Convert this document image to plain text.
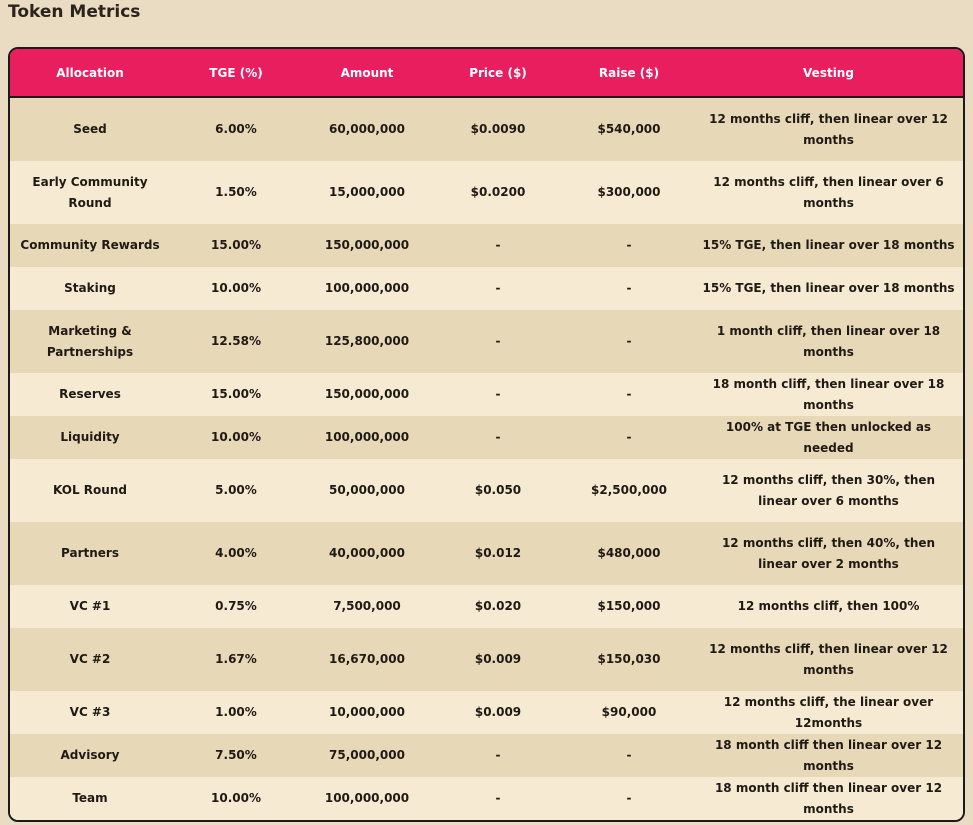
Token Metrics
Allocation	TGE (%)	Amount	Price ($)	Raise ($)	Vesting
Seed	6.00%	60,000,000	$0.0090	$540,000	12 months cliff, then linear over 12 months
Early Community Round	1.50%	15,000,000	$0.0200	$300,000	12 months cliff, then linear over 6 months
Community Rewards	15.00%	150,000,000	-	-	15% TGE, then linear over 18 months
Staking	10.00%	100,000,000	-	-	15% TGE, then linear over 18 months
Marketing & Partnerships	12.58%	125,800,000	-	-	1 month cliff, then linear over 18 months
Reserves	15.00%	150,000,000	-	-	18 month cliff, then linear over 18 months
Liquidity	10.00%	100,000,000	-	-	100% at TGE then unlocked as needed
KOL Round	5.00%	50,000,000	$0.050	$2,500,000	12 months cliff, then 30%, then linear over 6 months
Partners	4.00%	40,000,000	$0.012	$480,000	12 months cliff, then 40%, then linear over 2 months
VC #1	0.75%	7,500,000	$0.020	$150,000	12 months cliff, then 100%
VC #2	1.67%	16,670,000	$0.009	$150,030	12 months cliff, then linear over 12 months
VC #3	1.00%	10,000,000	$0.009	$90,000	12 months cliff, the linear over 12months
Advisory	7.50%	75,000,000	-	-	18 month cliff then linear over 12 months
Team	10.00%	100,000,000	-	-	18 month cliff then linear over 12 months
